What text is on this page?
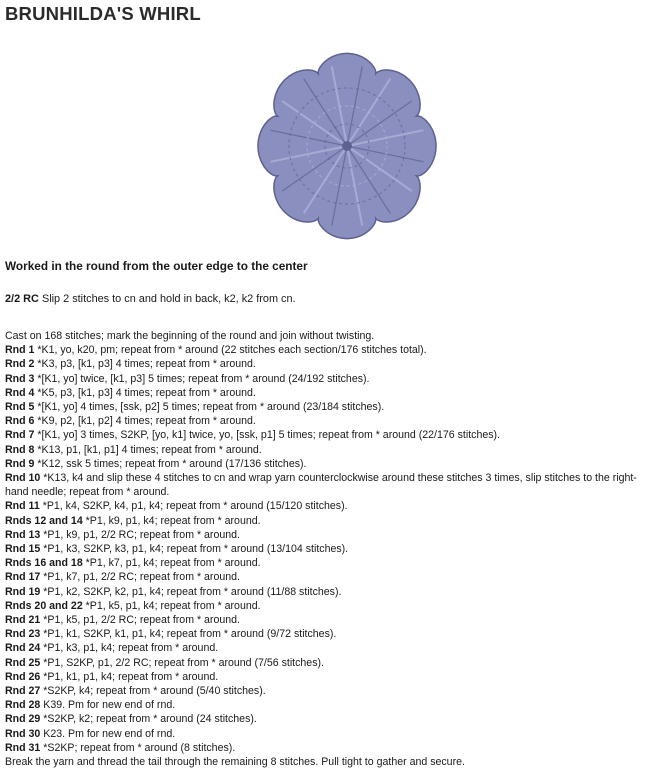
BRUNHILDA'S WHIRL
Worked in the round from the outer edge to the center
2/2 RC Slip 2 stitches to cn and hold in back, k2, k2 from cn.
Cast on 168 stitches; mark the beginning of the round and join without twisting.
Rnd 1 *K1, yo, k20, pm; repeat from * around (22 stitches each section/176 stitches total).
Rnd 2 *K3, p3, [k1, p3] 4 times; repeat from * around.
Rnd 3 *[K1, yo] twice, [k1, p3] 5 times; repeat from * around (24/192 stitches).
Rnd 4 *K5, p3, [k1, p3] 4 times; repeat from * around.
Rnd 5 *[K1, yo] 4 times, [ssk, p2] 5 times; repeat from * around (23/184 stitches).
Rnd 6 *K9, p2, [k1, p2] 4 times; repeat from * around.
Rnd 7 *[K1, yo] 3 times, S2KP, [yo, k1] twice, yo, [ssk, p1] 5 times; repeat from * around (22/176 stitches).
Rnd 8 *K13, p1, [k1, p1] 4 times; repeat from * around.
Rnd 9 *K12, ssk 5 times; repeat from * around (17/136 stitches).
Rnd 10 *K13, k4 and slip these 4 stitches to cn and wrap yarn counterclockwise around these stitches 3 times, slip stitches to the right-hand needle; repeat from * around.
Rnd 11 *P1, k4, S2KP, k4, p1, k4; repeat from * around (15/120 stitches).
Rnds 12 and 14 *P1, k9, p1, k4; repeat from * around.
Rnd 13 *P1, k9, p1, 2/2 RC; repeat from * around.
Rnd 15 *P1, k3, S2KP, k3, p1, k4; repeat from * around (13/104 stitches).
Rnds 16 and 18 *P1, k7, p1, k4; repeat from * around.
Rnd 17 *P1, k7, p1, 2/2 RC; repeat from * around.
Rnd 19 *P1, k2, S2KP, k2, p1, k4; repeat from * around (11/88 stitches).
Rnds 20 and 22 *P1, k5, p1, k4; repeat from * around.
Rnd 21 *P1, k5, p1, 2/2 RC; repeat from * around.
Rnd 23 *P1, k1, S2KP, k1, p1, k4; repeat from * around (9/72 stitches).
Rnd 24 *P1, k3, p1, k4; repeat from * around.
Rnd 25 *P1, S2KP, p1, 2/2 RC; repeat from * around (7/56 stitches).
Rnd 26 *P1, k1, p1, k4; repeat from * around.
Rnd 27 *S2KP, k4; repeat from * around (5/40 stitches).
Rnd 28 K39. Pm for new end of rnd.
Rnd 29 *S2KP, k2; repeat from * around (24 stitches).
Rnd 30 K23. Pm for new end of rnd.
Rnd 31 *S2KP; repeat from * around (8 stitches).
Break the yarn and thread the tail through the remaining 8 stitches. Pull tight to gather and secure.
